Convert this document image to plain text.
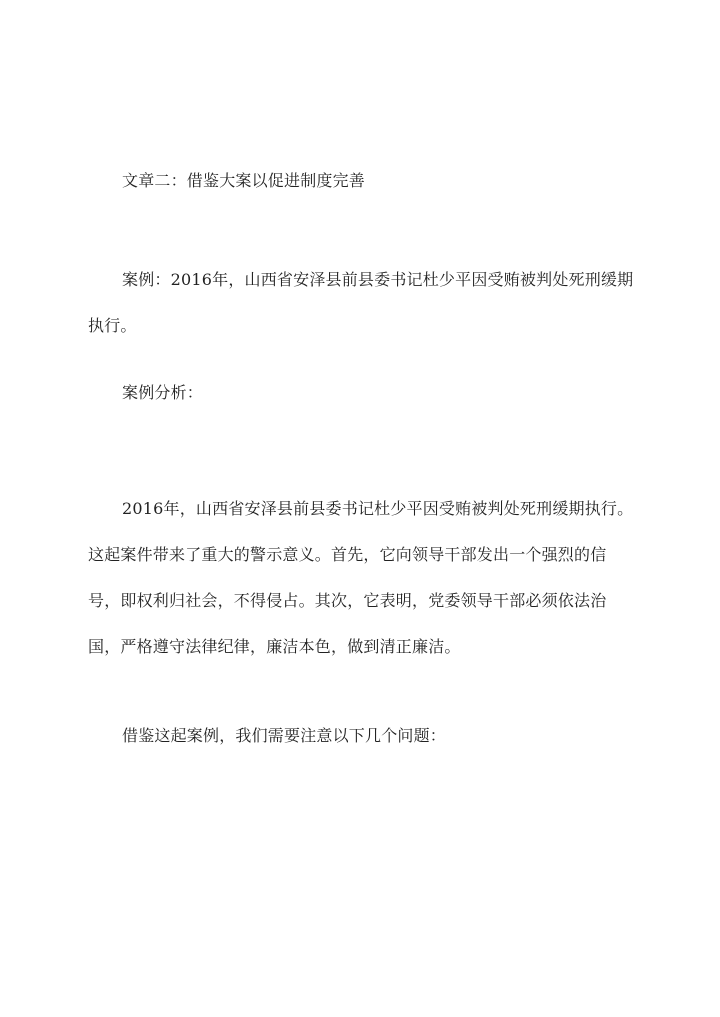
文章二：借鉴大案以促进制度完善

案例：2016年，山西省安泽县前县委书记杜少平因受贿被判处死刑缓期执行。

案例分析：

2016年，山西省安泽县前县委书记杜少平因受贿被判处死刑缓期执行。这起案件带来了重大的警示意义。首先，它向领导干部发出一个强烈的信号，即权利归社会，不得侵占。其次，它表明，党委领导干部必须依法治国，严格遵守法律纪律，廉洁本色，做到清正廉洁。

借鉴这起案例，我们需要注意以下几个问题：
